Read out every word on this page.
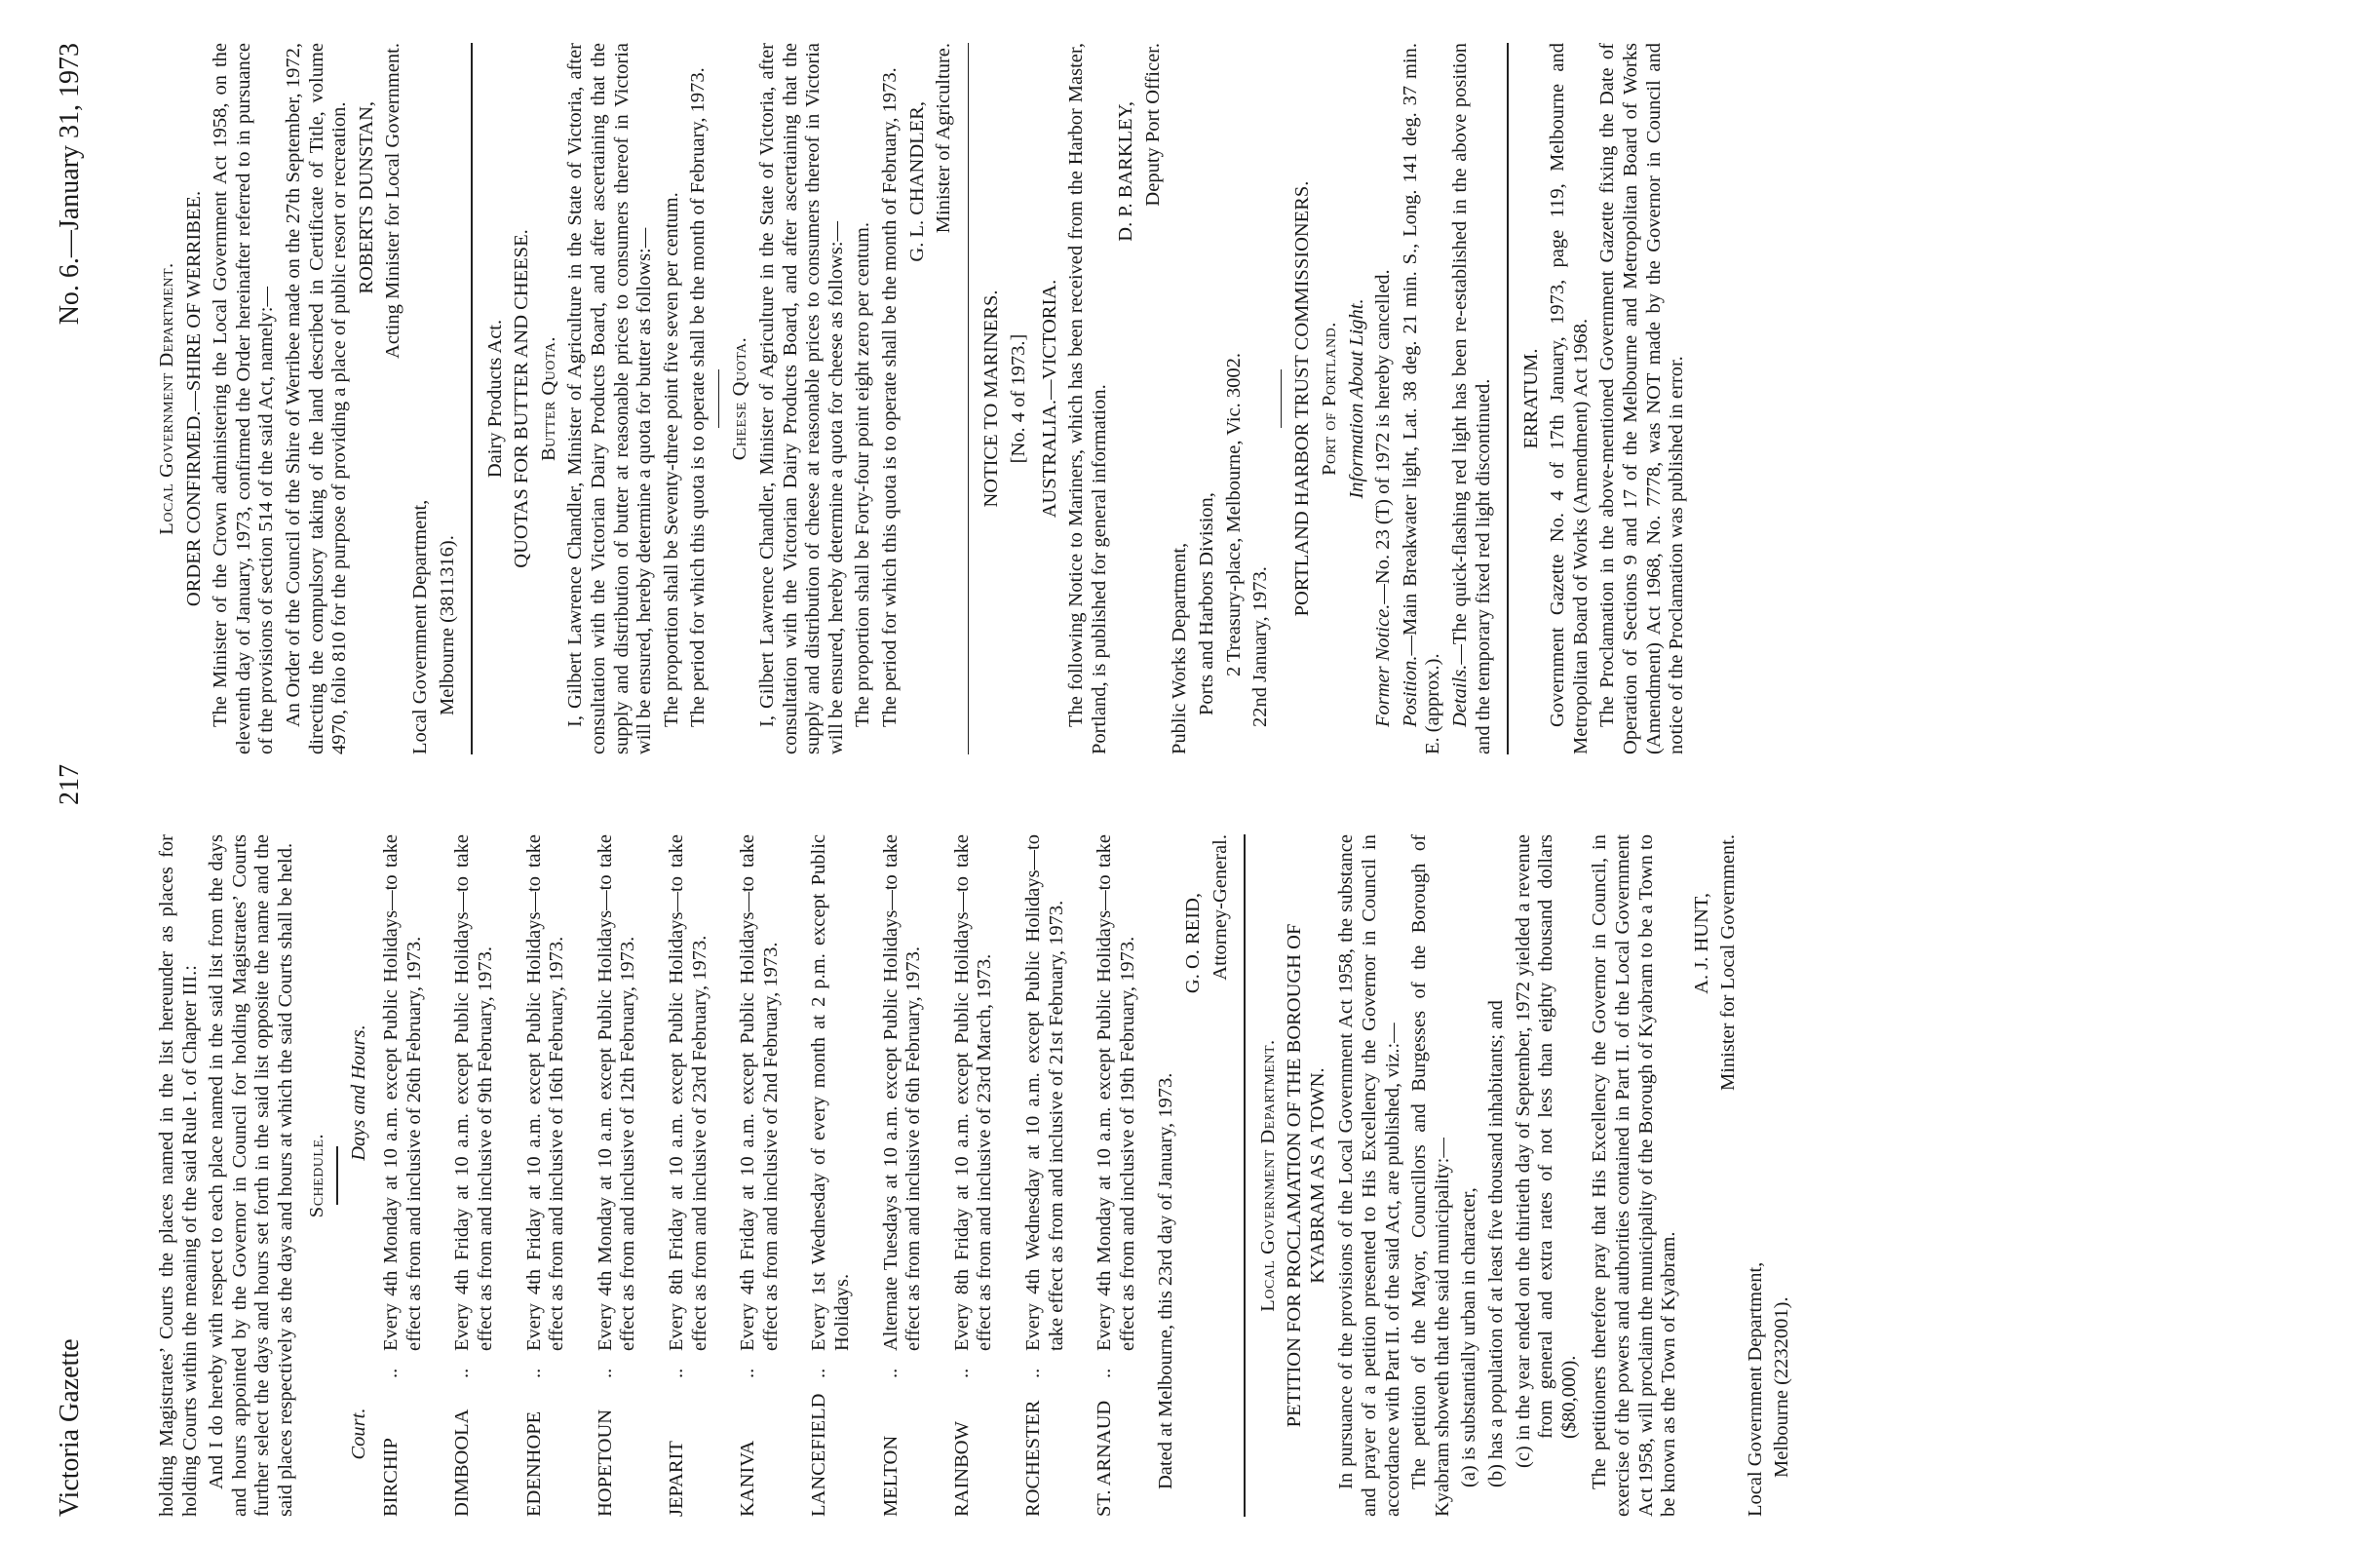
Victoria Gazette
217
No. 6.—January 31, 1973

holding Magistrates’ Courts the places named in the list hereunder as places for holding Courts within the meaning of the said Rule I. of Chapter III.: And I do hereby with respect to each place named in the said list from the days and hours appointed by the Governor in Council for holding Magistrates’ Courts further select the days and hours set forth in the said list opposite the name and the said places respectively as the days and hours at which the said Courts shall be held. Schedule.

Court.
Days and Hours.
BIRCHIP
..
Every 4th Monday at 10 a.m. except Public Holidays—to take effect as from and inclusive of 26th February, 1973.
DIMBOOLA
..
Every 4th Friday at 10 a.m. except Public Holidays—to take effect as from and inclusive of 9th February, 1973.
EDENHOPE
..
Every 4th Friday at 10 a.m. except Public Holidays—to take effect as from and inclusive of 16th February, 1973.
HOPETOUN
..
Every 4th Monday at 10 a.m. except Public Holidays—to take effect as from and inclusive of 12th February, 1973.
JEPARIT
..
Every 8th Friday at 10 a.m. except Public Holidays—to take effect as from and inclusive of 23rd February, 1973.
KANIVA
..
Every 4th Friday at 10 a.m. except Public Holidays—to take effect as from and inclusive of 2nd February, 1973.
LANCEFIELD
..
Every 1st Wednesday of every month at 2 p.m. except Public Holidays.
MELTON
..
Alternate Tuesdays at 10 a.m. except Public Holidays—to take effect as from and inclusive of 6th February, 1973.
RAINBOW
..
Every 8th Friday at 10 a.m. except Public Holidays—to take effect as from and inclusive of 23rd March, 1973.
ROCHESTER
..
Every 4th Wednesday at 10 a.m. except Public Holidays—to take effect as from and inclusive of 21st February, 1973.
ST. ARNAUD
..
Every 4th Monday at 10 a.m. except Public Holidays—to take effect as from and inclusive of 19th February, 1973. Dated at Melbourne, this 23rd day of January, 1973.

G. O. REID, Attorney-General.

Local Government Department. PETITION FOR PROCLAMATION OF THE BOROUGH OF
KYABRAM AS A TOWN. In pursuance of the provisions of the Local Government Act 1958, the substance and prayer of a petition presented to His Excellency the Governor in Council in accordance with Part II. of the said Act, are published, viz.:— The petition of the Mayor, Councillors and Burgesses of the Borough of Kyabram showeth that the said municipality:— (a) is substantially urban in character, (b) has a population of at least five thousand inhabitants; and (c) in the year ended on the thirtieth day of September, 1972 yielded a revenue from general and extra rates of not less than eighty thousand dollars ($80,000). The petitioners therefore pray that His Excellency the Governor in Council, in exercise of the powers and authorities contained in Part II. of the Local Government Act 1958, will proclaim the municipality of the Borough of Kyabram to be a Town to be known as the Town of Kyabram.

A. J. HUNT, Minister for Local Government.

Local Government Department, Melbourne (2232001).

Local Government Department. ORDER CONFIRMED.—SHIRE OF WERRIBEE. The Minister of the Crown administering the Local Government Act 1958, on the eleventh day of January, 1973, confirmed the Order hereinafter referred to in pursuance of the provisions of section 514 of the said Act, namely:— An Order of the Council of the Shire of Werribee made on the 27th September, 1972, directing the compulsory taking of the land described in Certificate of Title, volume 4970, folio 810 for the purpose of providing a place of public resort or recreation. ROBERTS DUNSTAN, Acting Minister for Local Government.

Local Government Department, Melbourne (3811316).

Dairy Products Act. QUOTAS FOR BUTTER AND CHEESE. Butter Quota. I, Gilbert Lawrence Chandler, Minister of Agriculture in the State of Victoria, after consultation with the Victorian Dairy Products Board, and after ascertaining that the supply and distribution of butter at reasonable prices to consumers thereof in Victoria will be ensured, hereby determine a quota for butter as follows:— The proportion shall be Seventy-three point five seven per centum. The period for which this quota is to operate shall be the month of February, 1973. Cheese Quota. I, Gilbert Lawrence Chandler, Minister of Agriculture in the State of Victoria, after consultation with the Victorian Dairy Products Board, and after ascertaining that the supply and distribution of cheese at reasonable prices to consumers thereof in Victoria will be ensured, hereby determine a quota for cheese as follows:— The proportion shall be Forty-four point eight zero per centum. The period for which this quota is to operate shall be the month of February, 1973. G. L. CHANDLER, Minister of Agriculture.

NOTICE TO MARINERS. [No. 4 of 1973.] AUSTRALIA.—VICTORIA. The following Notice to Mariners, which has been received from the Harbor Master, Portland, is published for general information.

D. P. BARKLEY, Deputy Port Officer.

Public Works Department, Ports and Harbors Division, 2 Treasury-place, Melbourne, Vic. 3002. 22nd January, 1973.

PORTLAND HARBOR TRUST COMMISSIONERS. Port of Portland. Information About Light.

Former Notice.—No. 23 (T) of 1972 is hereby cancelled.

Position.—Main Breakwater light, Lat. 38 deg. 21 min. S., Long. 141 deg. 37 min. E. (approx.). Details.—The quick-flashing red light has been re-established in the above position and the temporary fixed red light discontinued. ERRATUM. Government Gazette No. 4 of 17th January, 1973, page 119, Melbourne and Metropolitan Board of Works (Amendment) Act 1968. The Proclamation in the above-mentioned Government Gazette fixing the Date of Operation of Sections 9 and 17 of the Melbourne and Metropolitan Board of Works (Amendment) Act 1968, No. 7778, was NOT made by the Governor in Council and notice of the Proclamation was published in error.
